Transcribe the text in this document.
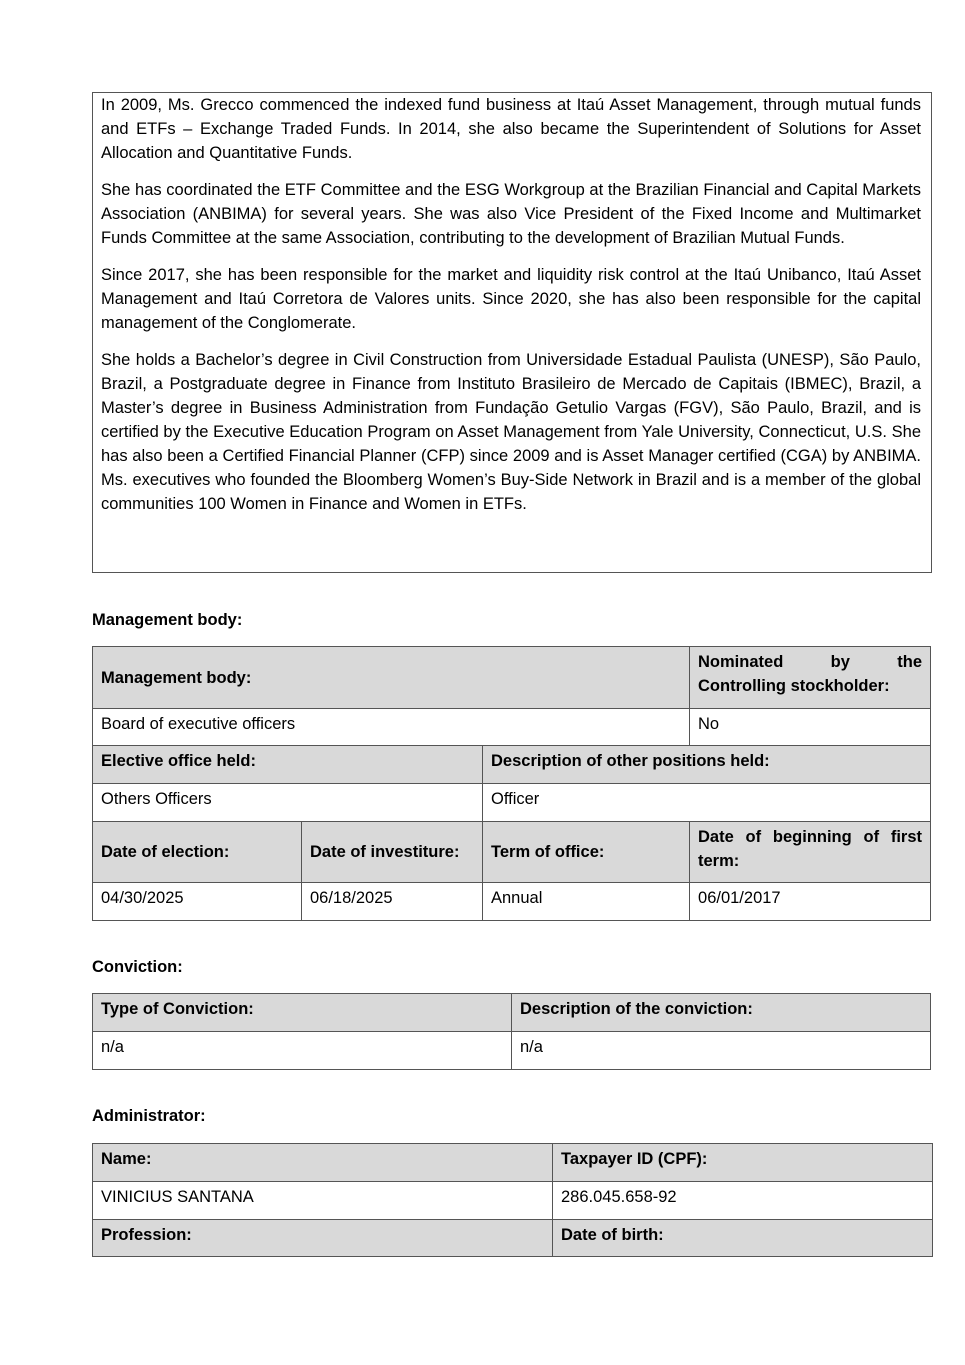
In 2009, Ms. Grecco commenced the indexed fund business at Itaú Asset Management, through mutual funds and ETFs – Exchange Traded Funds. In 2014, she also became the Superintendent of Solutions for Asset Allocation and Quantitative Funds.

She has coordinated the ETF Committee and the ESG Workgroup at the Brazilian Financial and Capital Markets Association (ANBIMA) for several years. She was also Vice President of the Fixed Income and Multimarket Funds Committee at the same Association, contributing to the development of Brazilian Mutual Funds.

Since 2017, she has been responsible for the market and liquidity risk control at the Itaú Unibanco, Itaú Asset Management and Itaú Corretora de Valores units. Since 2020, she has also been responsible for the capital management of the Conglomerate.

She holds a Bachelor’s degree in Civil Construction from Universidade Estadual Paulista (UNESP), São Paulo, Brazil, a Postgraduate degree in Finance from Instituto Brasileiro de Mercado de Capitais (IBMEC), Brazil, a Master’s degree in Business Administration from Fundação Getulio Vargas (FGV), São Paulo, Brazil, and is certified by the Executive Education Program on Asset Management from Yale University, Connecticut, U.S. She has also been a Certified Financial Planner (CFP) since 2009 and is Asset Manager certified (CGA) by ANBIMA. Ms. executives who founded the Bloomberg Women’s Buy-Side Network in Brazil and is a member of the global communities 100 Women in Finance and Women in ETFs.

Management body:
Management body:			Nominated by the
Controlling stockholder:
Board of executive officers			No
Elective office held:		Description of other positions held:	
Others Officers		Officer	
Date of election:	Date of investiture:	Term of office:	Date of beginning of first
term:
04/30/2025	06/18/2025	Annual	06/01/2017
Conviction:
Type of Conviction:	Description of the conviction:
n/a	n/a
Administrator:
Name:	Taxpayer ID (CPF):
VINICIUS SANTANA	286.045.658-92
Profession:	Date of birth:
